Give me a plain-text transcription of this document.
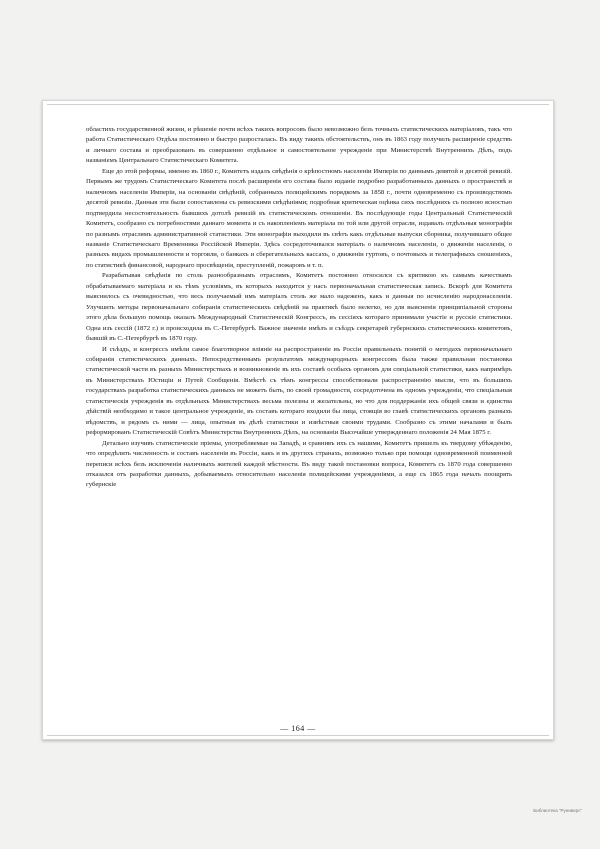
областихъ государственной жизни, и рѣшеніе почти всѣхъ такихъ вопросовъ было невозможно безъ точныхъ статистическихъ матеріаловъ, такъ что работа Статистическаго Отдѣла постоянно и быстро разросталась. Въ виду такихъ обстоятельствъ, онъ въ 1863 году получилъ расширеніе средствъ и личнаго состава и преобразованъ въ совершенно отдѣльное и самостоятельное учрежденіе при Министерствѣ Внутреннихъ Дѣлъ, подъ названіемъ Центральнаго Статистическаго Комитета.

Еще до этой реформы, именно въ 1860 г., Комитетъ издалъ свѣдѣнія о крѣпостномъ населеніи Имперіи по даннымъ девятой и десятой ревизій. Первымъ же трудомъ Статистическаго Комитета послѣ расширенія его состава было изданіе подробно разработанныхъ данныхъ о пространствѣ и наличномъ населеніи Имперіи, на основаніи свѣдѣній, собранныхъ полицейскимъ порядкомъ за 1858 г., почти одновременно съ производствомъ десятой ревизіи. Данныя эти были сопоставлены съ ревизскими свѣдѣніями; подробная критическая оцѣнка сихъ послѣднихъ съ полною ясностью подтвердила несостоятельность бывшихъ дотолѣ ревизій въ статистическомъ отношеніи. Въ послѣдующіе годы Центральный Статистическій Комитетъ, сообразно съ потребностями даннаго момента и съ накопленіемъ матеріала по той или другой отрасли, издавалъ отдѣльныя монографіи по разнымъ отраслямъ административной статистики. Эти монографіи выходили въ свѣтъ какъ отдѣльные выпуски сборника, получившаго общее названіе Статистическаго Временника Россійской Имперіи. Здѣсь сосредоточивался матеріалъ о наличномъ населеніи, о движеніи населенія, о разныхъ видахъ промышленности и торговли, о банкахъ и сберегательныхъ кассахъ, о движеніи гуртовъ, о почтовыхъ и телеграфныхъ сношеніяхъ, по статистикѣ финансовой, народнаго просвѣщенія, преступленій, пожаровъ и т. п.

Разрабатывая свѣдѣнія по столь разнообразнымъ отраслямъ, Комитетъ постоянно относился съ критикою къ самымъ качествамъ обрабатываемаго матеріала и къ тѣмъ условіямъ, въ которыхъ находится у насъ первоначальная статистическая запись. Вскорѣ для Комитета выяснилось съ очевидностью, что весь получаемый имъ матеріалъ столь же мало надеженъ, какъ и данныя по исчисленію народонаселенія. Улучшить методы первоначальнаго собиранія статистическихъ свѣдѣній на практикѣ было нелегко, но для выясненія принципіальной стороны этого дѣла большую помощь оказалъ Международный Статистическій Конгрессъ, въ сессіяхъ котораго принимали участіе и русскіе статистики. Одна изъ сессій (1872 г.) и происходила въ С.-Петербургѣ. Важное значеніе имѣлъ и съѣздъ секретарей губернскихъ статистическихъ комитетовъ, бывшій въ С.-Петербургѣ въ 1870 году.

И съѣздъ, и конгрессъ имѣли самое благотворное вліяніе на распространеніе въ Россіи правильныхъ понятій о методахъ первоначальнаго собиранія статистическихъ данныхъ. Непосредственнымъ результатомъ международныхъ конгрессовъ была также правильная постановка статистической части въ разныхъ Министерствахъ и возникновеніе въ ихъ составѣ особыхъ органовъ для спеціальной статистики, какъ напримѣръ въ Министерствахъ Юстиціи и Путей Сообщенія. Вмѣстѣ съ тѣмъ конгрессы способствовали распространенію мысли, что въ большихъ государствахъ разработка статистическихъ данныхъ не можетъ быть, по своей громадности, сосредоточена въ одномъ учрежденіи, что спеціальныя статистическія учрежденія въ отдѣльныхъ Министерствахъ весьма полезны и желательны, но что для поддержанія ихъ общей связи и единства дѣйствій необходимо и такое центральное учрежденіе, въ составъ котораго входили бы лица, стоящія во главѣ статистическихъ органовъ разныхъ вѣдомствъ, и рядомъ съ ними — лица, опытныя въ дѣлѣ статистики и извѣстныя своими трудами. Сообразно съ этими началами и былъ реформированъ Статистическій Совѣтъ Министерства Внутреннихъ Дѣлъ, на основаніи Высочайше утвержденнаго положенія 24 Мая 1875 г.

Детально изучивъ статистическіе пріемы, употребляемые на Западѣ, и сравнивъ ихъ съ нашими, Комитетъ пришелъ къ твердому убѣжденію, что опредѣлить численность и составъ населенія въ Россіи, какъ и въ другихъ странахъ, возможно только при помощи одновременной поименной переписи всѣхъ безъ исключенія наличныхъ жителей каждой мѣстности. Въ виду такой постановки вопроса, Комитетъ съ 1870 года совершенно отказался отъ разработки данныхъ, добываемыхъ относительно населенія полицейскими учрежденіями, а еще съ 1865 года началъ поощрять губернскіе

— 164 —
Библиотека "Руниверс"
